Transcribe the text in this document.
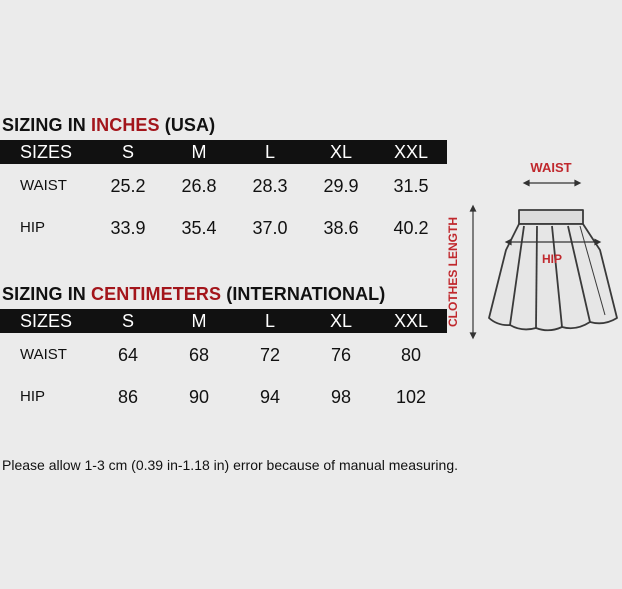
SIZING IN INCHES (USA)
SIZES	S	M	L	XL	XXL
WAIST	25.2	26.8	28.3	29.9	31.5
HIP	33.9	35.4	37.0	38.6	40.2
SIZING IN CENTIMETERS (INTERNATIONAL)
SIZES	S	M	L	XL	XXL
WAIST	64	68	72	76	80
HIP	86	90	94	98	102
WAIST
CLOTHES LENGTH	HIP
Please allow 1-3 cm (0.39 in-1.18 in) error because of manual measuring.
